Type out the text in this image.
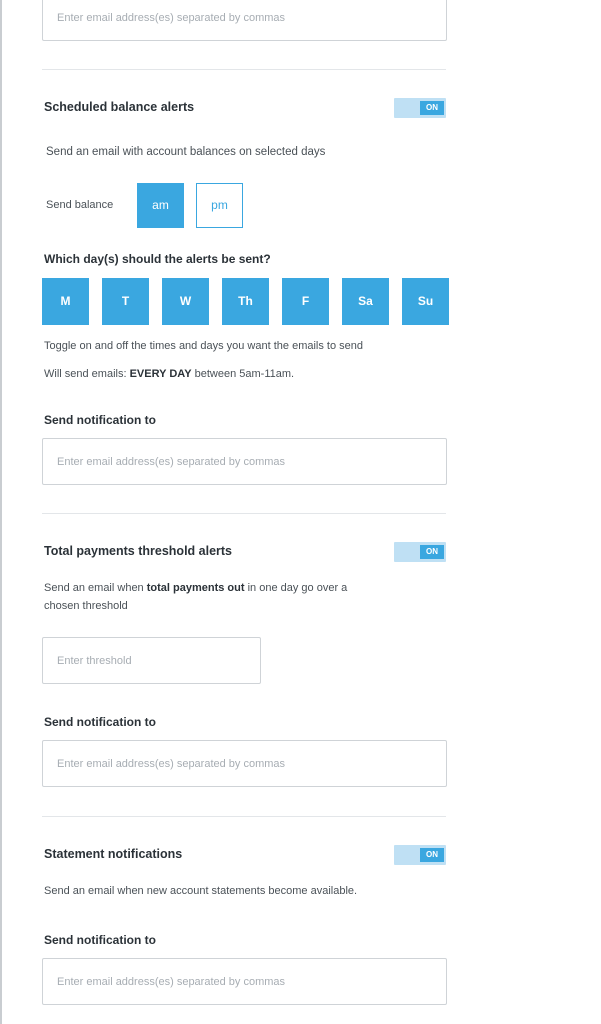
Enter email address(es) separated by commas
Scheduled balance alerts	ON
Send an email with account balances on selected days
Send balance	am	pm
Which day(s) should the alerts be sent?
M	T	W	Th	F	Sa	Su
Toggle on and off the times and days you want the emails to send
Will send emails: EVERY DAY between 5am-11am.
Send notification to
Enter email address(es) separated by commas
Total payments threshold alerts	ON
Send an email when total payments out in one day go over a
chosen threshold
Enter threshold
Send notification to
Enter email address(es) separated by commas
Statement notifications	ON
Send an email when new account statements become available.
Send notification to
Enter email address(es) separated by commas
